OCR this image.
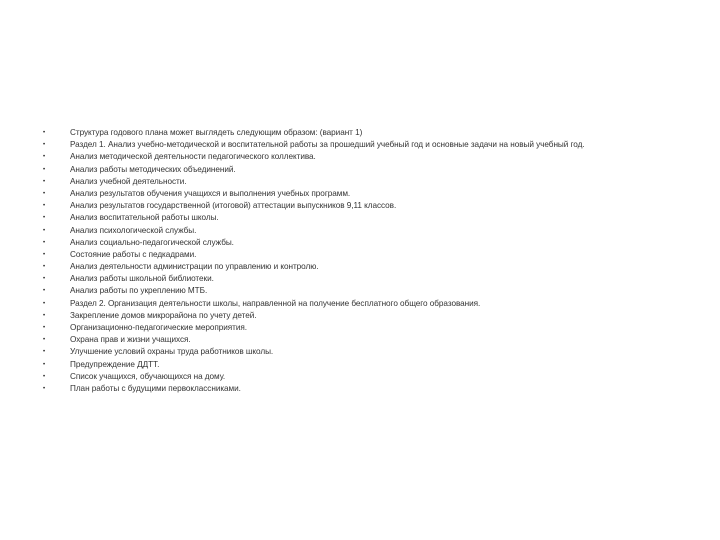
•	Структура годового плана может выглядеть следующим образом: (вариант 1)
•	Раздел 1. Анализ учебно-методической и воспитательной работы за прошедший учебный год и основные задачи на новый учебный год.
•	Анализ методической деятельности педагогического коллектива.
•	Анализ работы методических объединений.
•	Анализ учебной деятельности.
•	Анализ результатов обучения учащихся и выполнения учебных программ.
•	Анализ результатов государственной (итоговой) аттестации выпускников 9,11 классов.
•	Анализ воспитательной работы школы.
•	Анализ психологической службы.
•	Анализ социально-педагогической службы.
•	Состояние работы с педкадрами.
•	Анализ деятельности администрации по управлению и контролю.
•	Анализ работы школьной библиотеки.
•	Анализ работы по укреплению МТБ.
•	Раздел 2. Организация деятельности школы, направленной на получение бесплатного общего образования.
•	Закрепление домов микрорайона по учету детей.
•	Организационно-педагогические мероприятия.
•	Охрана прав и жизни учащихся.
•	Улучшение условий охраны труда работников школы.
•	Предупреждение ДДТТ.
•	Список учащихся, обучающихся на дому.
•	План работы с будущими первоклассниками.
